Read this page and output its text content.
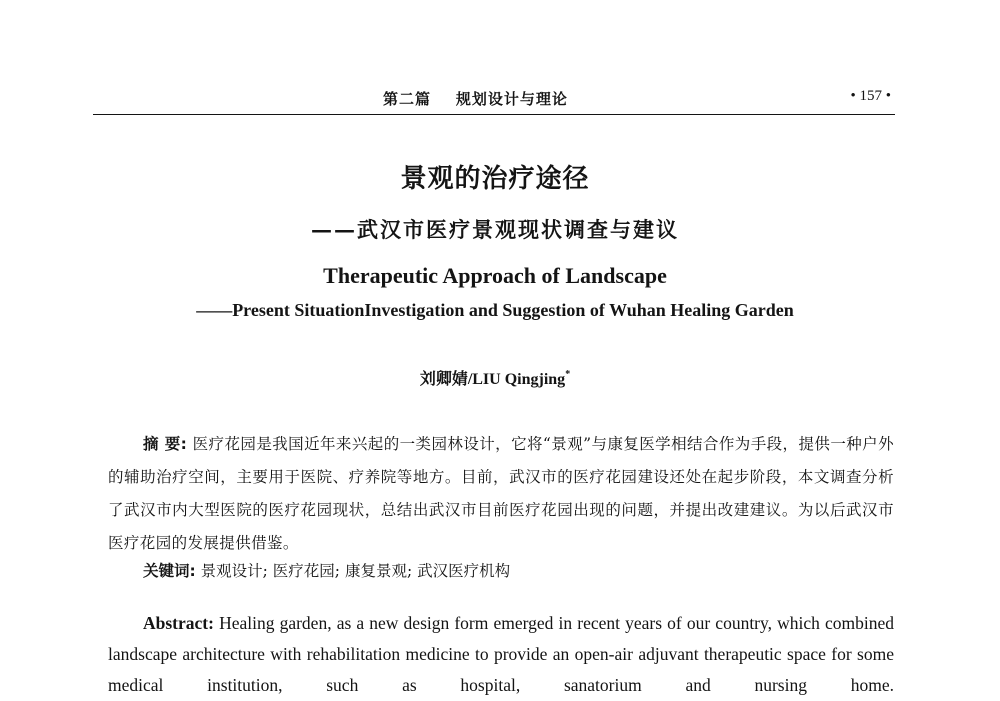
第二篇    规划设计与理论	• 157 •
景观的治疗途径
——武汉市医疗景观现状调查与建议
Therapeutic Approach of Landscape
——Present SituationInvestigation and Suggestion of Wuhan Healing Garden
刘卿婧/LIU Qingjing*
摘 要: 医疗花园是我国近年来兴起的一类园林设计，它将“景观”与康复医学相结合作为手段，提供一种户外的辅助治疗空间，主要用于医院、疗养院等地方。目前，武汉市的医疗花园建设还处在起步阶段，本文调查分析了武汉市内大型医院的医疗花园现状，总结出武汉市目前医疗花园出现的问题，并提出改建建议。为以后武汉市医疗花园的发展提供借鉴。
关键词: 景观设计; 医疗花园; 康复景观; 武汉医疗机构
Abstract: Healing garden, as a new design form emerged in recent years of our country, which combined landscape architecture with rehabilitation medicine to provide an open-air adjuvant therapeutic space for some medical institution, such as hospital, sanatorium and nursing home.
